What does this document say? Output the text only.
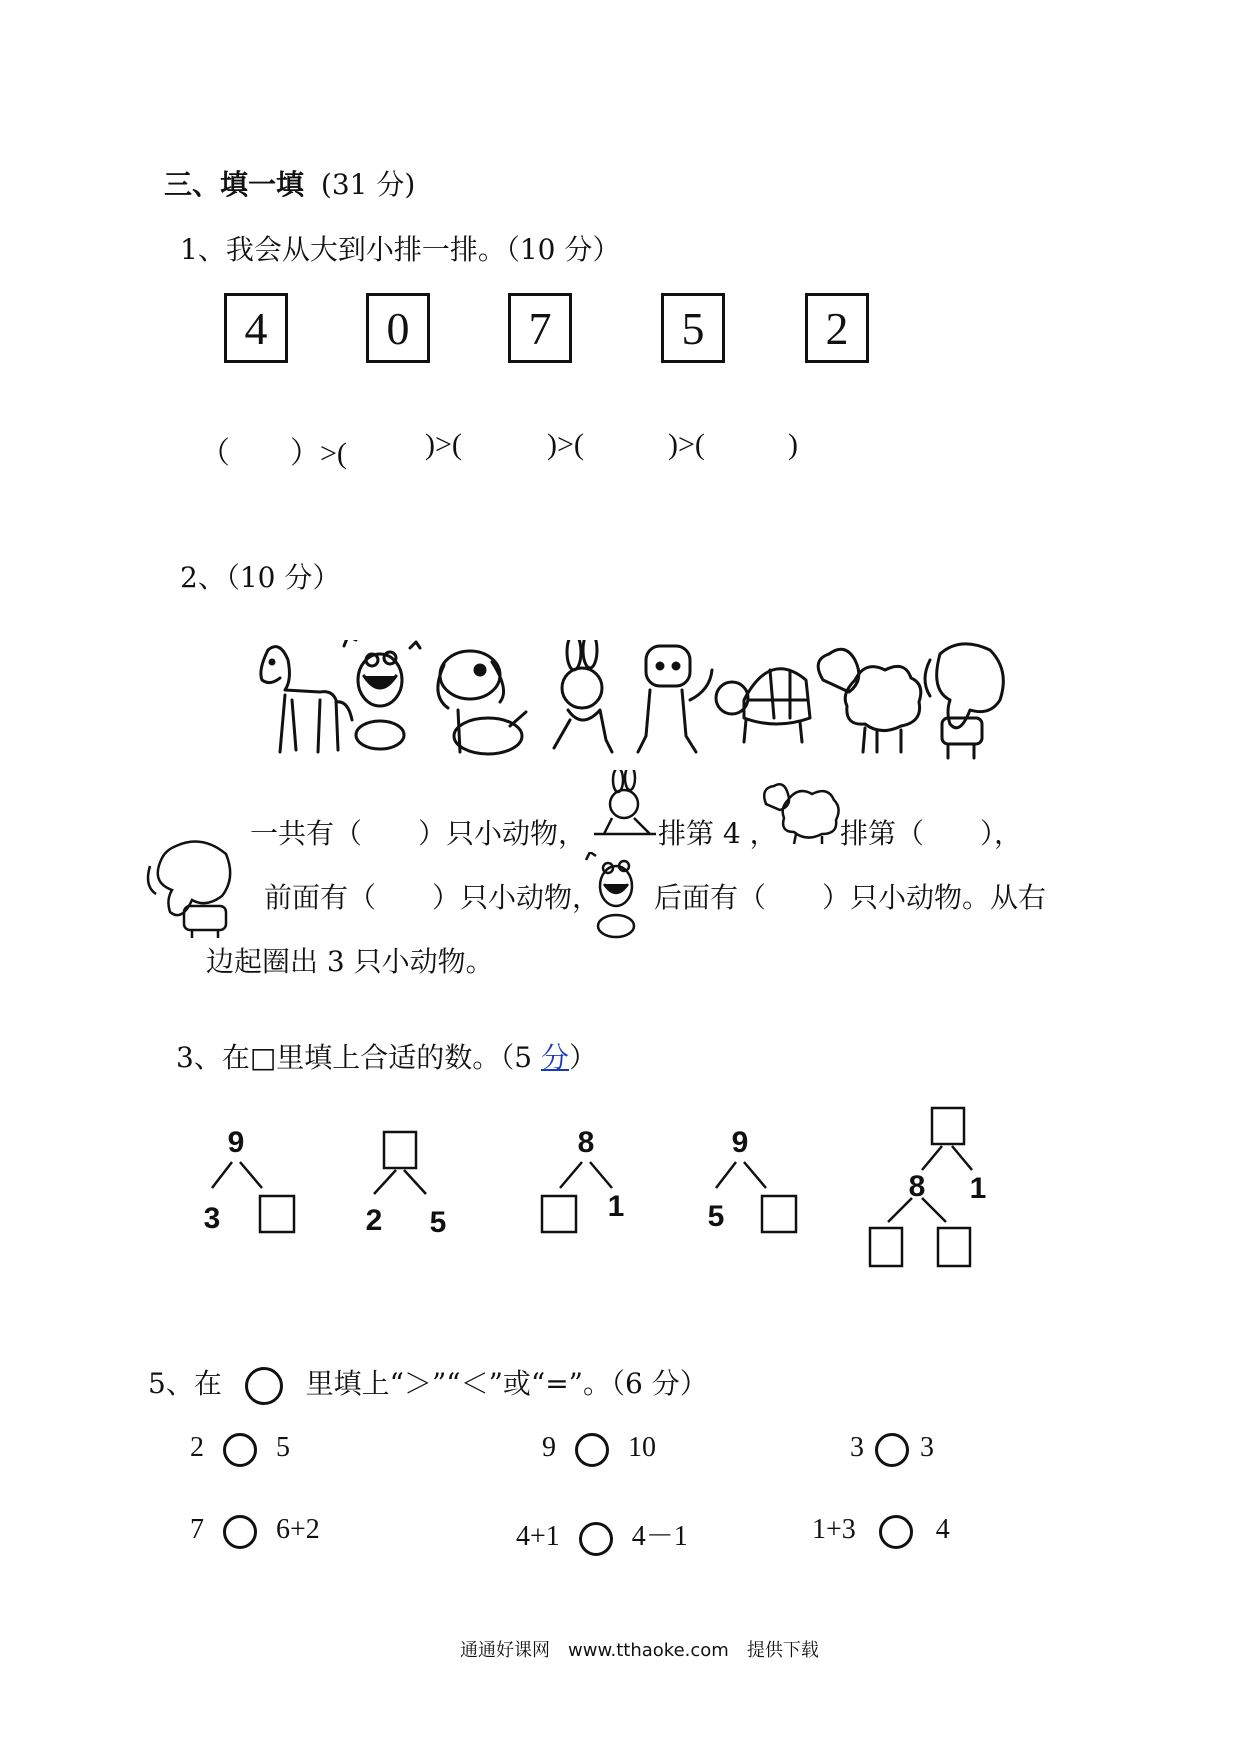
三、填一填 (31 分)
1、我会从大到小排一排。（10 分）
4	0	7	5	2
（　　）>(	)>(	)>(	)>(	)
2、（10 分）
一共有（　　）只小动物，	排第 4 ， 排第（　　），
前面有（　　）只小动物， 后面有（　　）只小动物。从右
边起圈出 3 只小动物。
3、在□里填上合适的数。（5 分）
9
3	2 5
8
1
9
5
8 1
5、在	里填上“＞”“＜”或“=”。（6 分）
2	5	9	10	3 3
7	6+2	4+1	4－1	1+3	4
通通好课网　www.tthaoke.com　提供下载
